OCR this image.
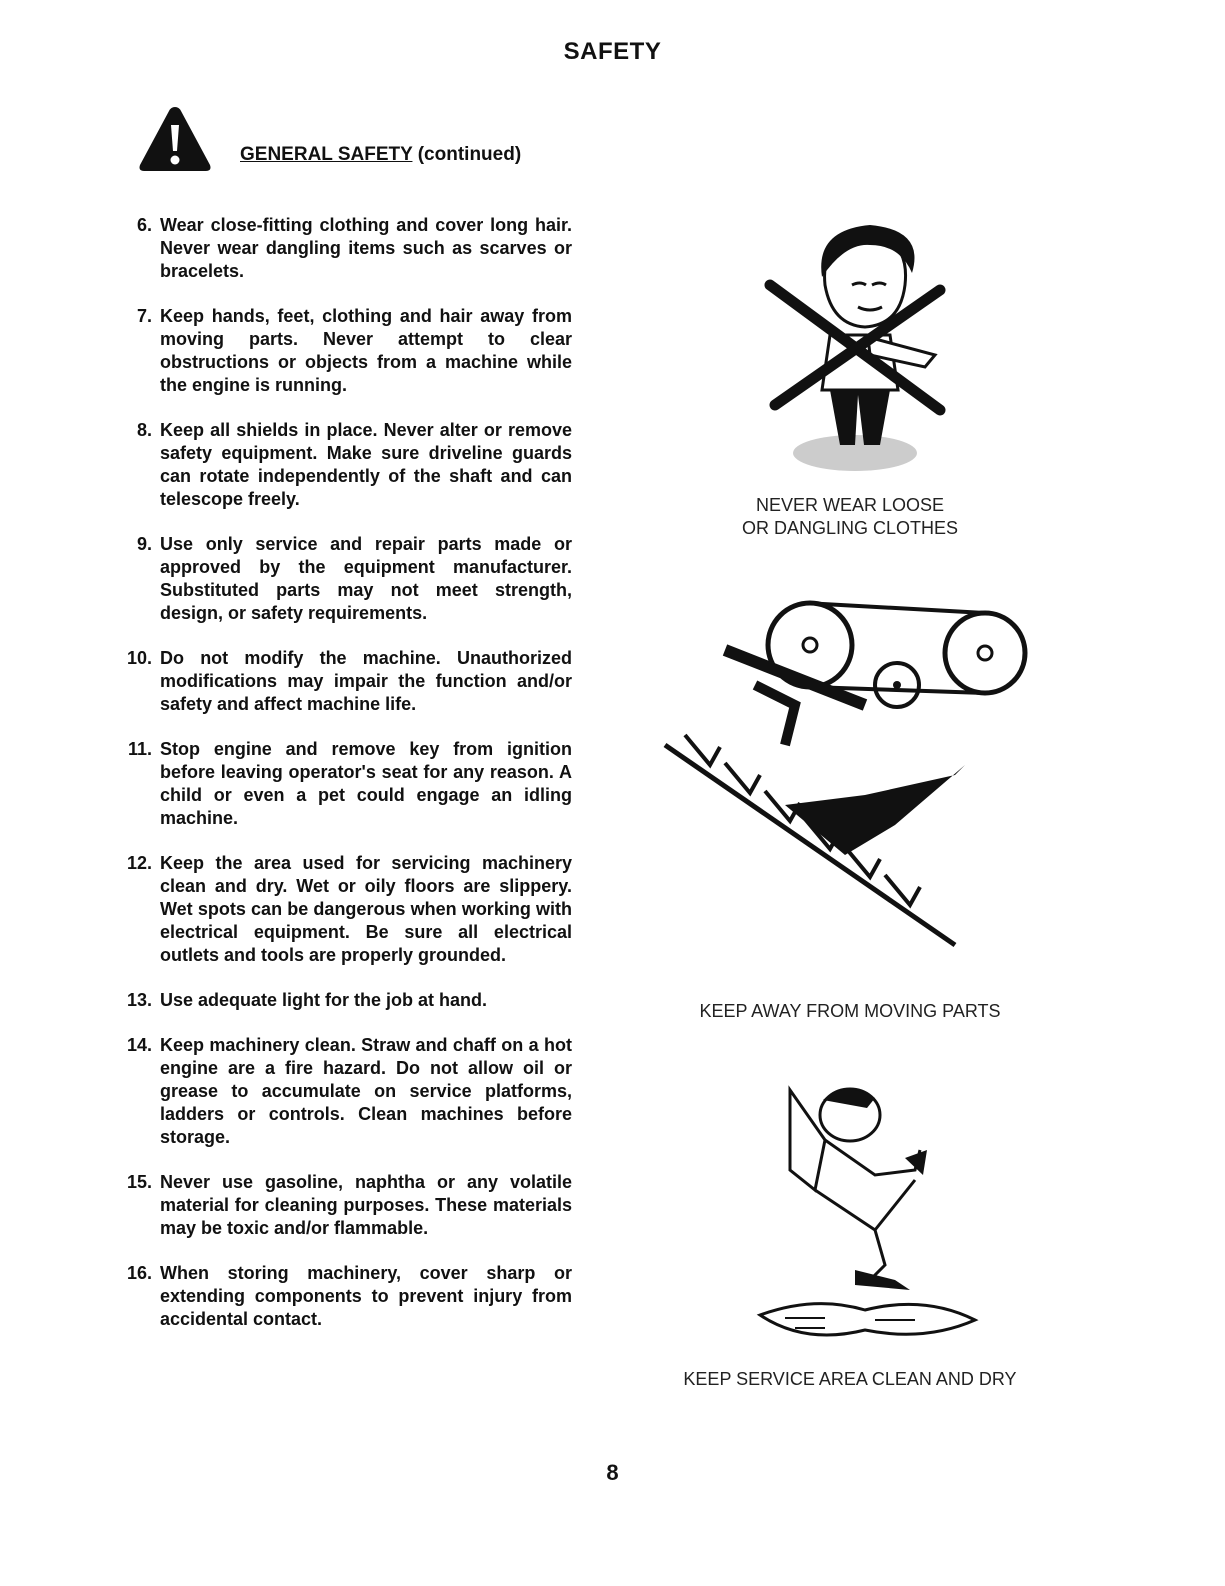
SAFETY
GENERAL SAFETY (continued)
6. Wear close-fitting clothing and cover long hair. Never wear dangling items such as scarves or bracelets.
7. Keep hands, feet, clothing and hair away from moving parts. Never attempt to clear obstructions or objects from a machine while the engine is running.
8. Keep all shields in place. Never alter or remove safety equipment. Make sure driveline guards can rotate independently of the shaft and can telescope freely.
9. Use only service and repair parts made or approved by the equipment manufacturer. Substituted parts may not meet strength, design, or safety requirements.
10. Do not modify the machine. Unauthorized modifications may impair the function and/or safety and affect machine life.
11. Stop engine and remove key from ignition before leaving operator's seat for any reason. A child or even a pet could engage an idling machine.
12. Keep the area used for servicing machinery clean and dry. Wet or oily floors are slippery. Wet spots can be dangerous when working with electrical equipment. Be sure all electrical outlets and tools are properly grounded.
13. Use adequate light for the job at hand.
14. Keep machinery clean. Straw and chaff on a hot engine are a fire hazard. Do not allow oil or grease to accumulate on service platforms, ladders or controls. Clean machines before storage.
15. Never use gasoline, naphtha or any volatile material for cleaning purposes. These materials may be toxic and/or flammable.
16. When storing machinery, cover sharp or extending components to prevent injury from accidental contact.
NEVER WEAR LOOSE
OR DANGLING CLOTHES
KEEP AWAY FROM MOVING PARTS
KEEP SERVICE AREA CLEAN AND DRY
8
